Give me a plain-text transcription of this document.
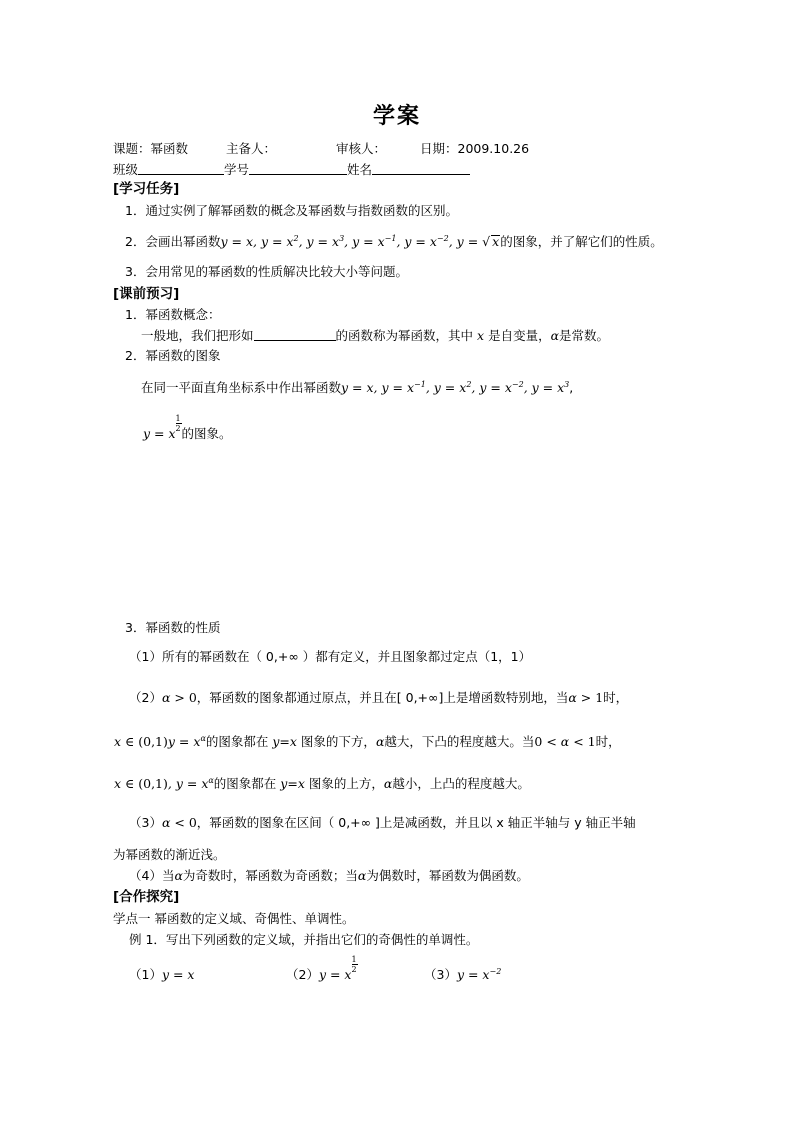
学案
课题：幂函数	主备人：	审核人：	日期：2009.10.26
班级	学号	姓名
[学习任务]
1．通过实例了解幂函数的概念及幂函数与指数函数的区别。
2．会画出幂函数y = x, $y = x^2$, $y = x^3$, $y = x^{-1}$, $y = x^{-2}$, y = √ x的图象，并了解它们的性质。
3．会用常见的幂函数的性质解决比较大小等问题。
[课前预习]
1．幂函数概念：
一般地，我们把形如	的函数称为幂函数，其中 x 是自变量，α是常数。
2．幂函数的图象
在同一平面直角坐标系中作出幂函数y = x, $y = x^{-1}$, $y = x^2$, $y = x^{-2}$, $y = x^3$,
y = x $\frac{1}{2}$ 的图象。
3．幂函数的性质
（1）所有的幂函数在（ 0,+∞ ）都有定义，并且图象都过定点（1，1）
（2）α > 0，幂函数的图象都通过原点，并且在[ 0,+∞]上是增函数特别地，当α > 1时，
x ∈ $(0,1)y = x^\alpha$的图象都在 y=x 图象的下方，α越大，下凸的程度越大。当0 < α < 1时，
x ∈ (0,1), $y = x^\alpha$的图象都在 y=x 图象的上方，α越小，上凸的程度越大。
（3）α < 0，幂函数的图象在区间（ 0,+∞ ]上是减函数，并且以 x 轴正半轴与 y 轴正半轴
为幂函数的渐近浅。
（4）当α为奇数时，幂函数为奇函数；当α为偶数时，幂函数为偶函数。
[合作探究]
学点一 幂函数的定义域、奇偶性、单调性。
例 1．写出下列函数的定义域，并指出它们的奇偶性的单调性。
（1）y = x	（2）y = x $\frac{1}{2}$	$(3)y = x^{-2}$
